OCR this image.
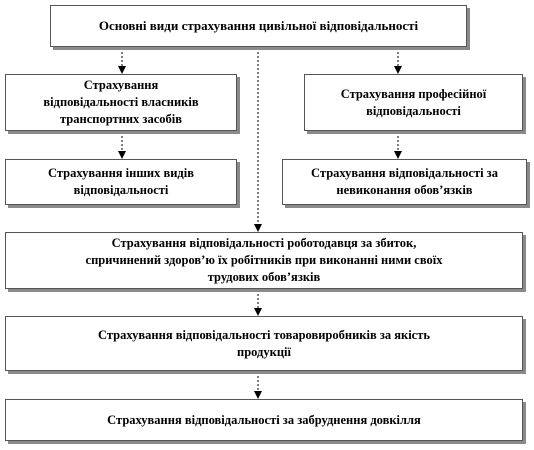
Основні види страхування цивільної відповідальності
Страхування
відповідальності власників
транспортних засобів
Страхування інших видів
відповідальності
Страхування професійної
відповідальності
Страхування відповідальності за
невиконання обов’язків
Страхування відповідальності роботодавця за збиток,
спричинений здоров’ю їх робітників при виконанні ними своїх
трудових обов’язків
Страхування відповідальності товаровиробників за якість
продукції
Страхування відповідальності за забруднення довкілля
